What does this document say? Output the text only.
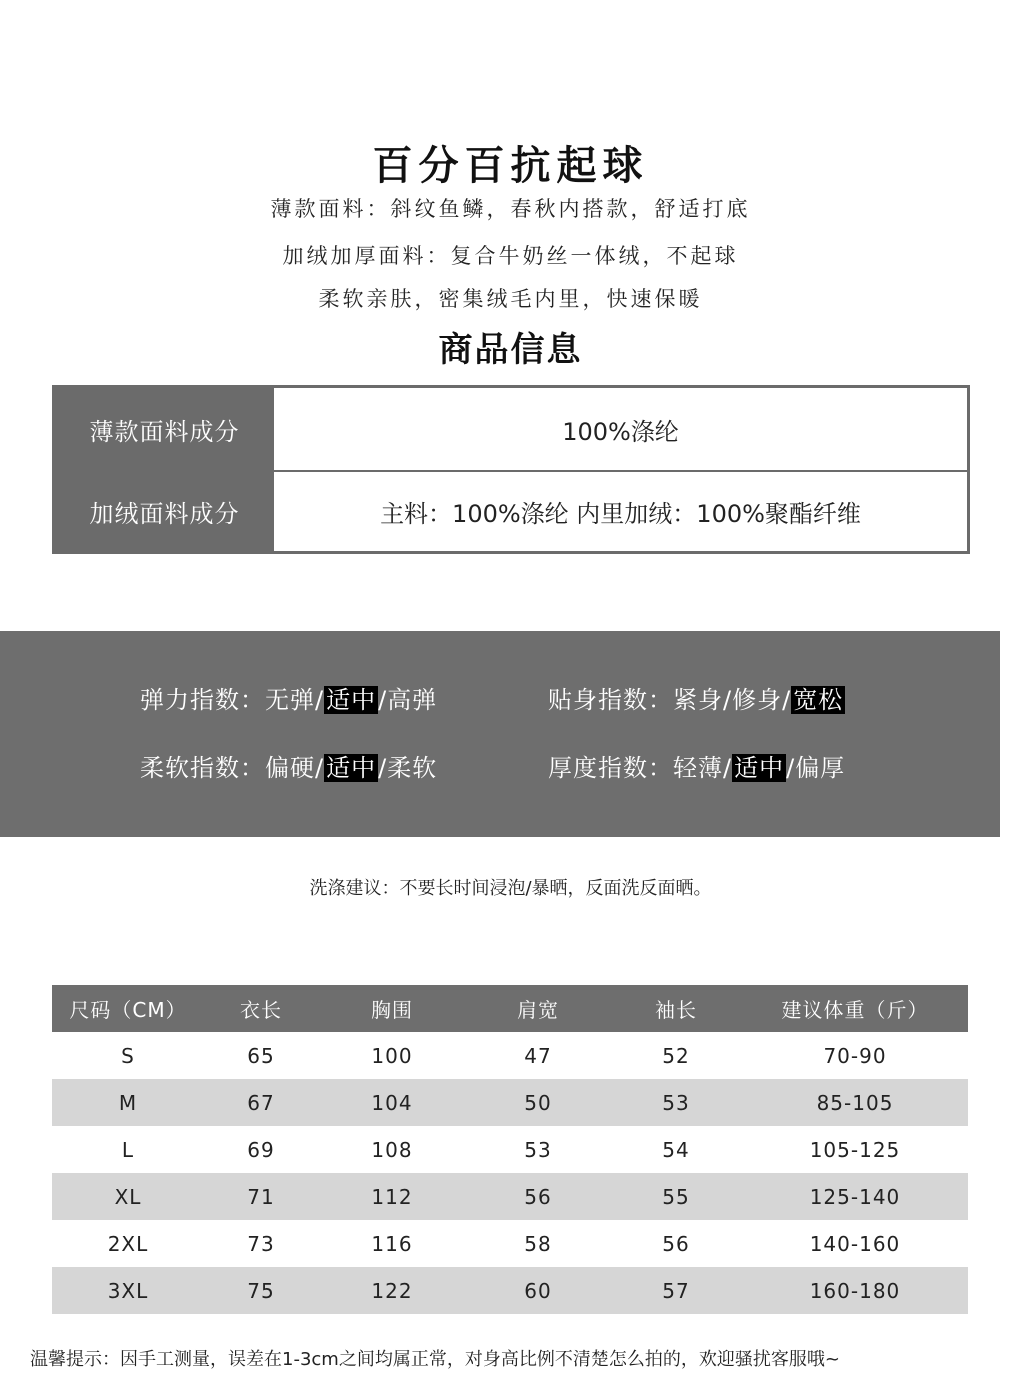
百分百抗起球
薄款面料：斜纹鱼鳞，春秋内搭款，舒适打底
加绒加厚面料：复合牛奶丝一体绒，不起球
柔软亲肤，密集绒毛内里，快速保暖
商品信息
薄款面料成分	100%涤纶
加绒面料成分	主料：100%涤纶 内里加绒：100%聚酯纤维
弹力指数：无弹/适中/高弹	贴身指数：紧身/修身/宽松
柔软指数：偏硬/适中/柔软	厚度指数：轻薄/适中/偏厚
洗涤建议：不要长时间浸泡/暴晒，反面洗反面晒。
尺码（CM）	衣长	胸围	肩宽	袖长	建议体重（斤）
S	65	100	47	52	70-90
M	67	104	50	53	85-105
L	69	108	53	54	105-125
XL	71	112	56	55	125-140
2XL	73	116	58	56	140-160
3XL	75	122	60	57	160-180
温馨提示：因手工测量，误差在1-3cm之间均属正常，对身高比例不清楚怎么拍的，欢迎骚扰客服哦~
